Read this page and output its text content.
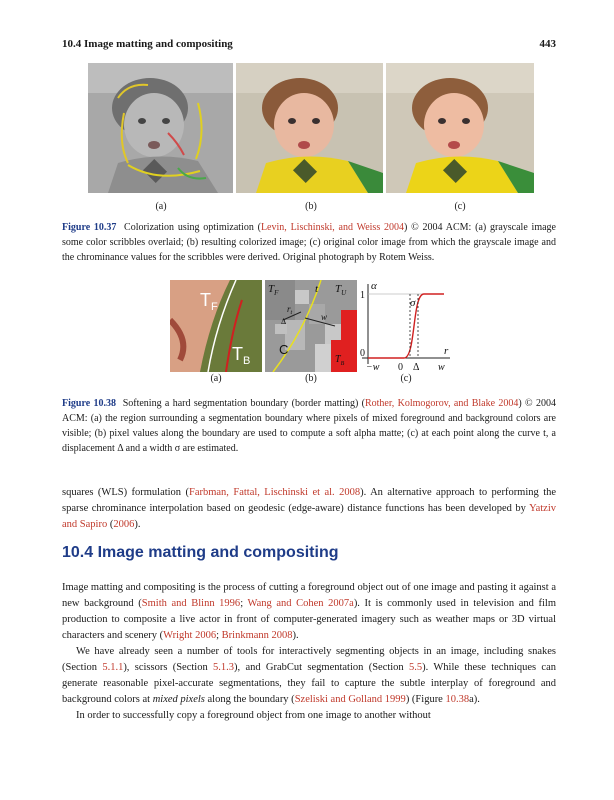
10.4 Image matting and compositing	443
(a)	(b)	(c)
Figure 10.37 Colorization using optimization (Levin, Lischinski, and Weiss 2004) © 2004 ACM: (a) grayscale image some color scribbles overlaid; (b) resulting colorized image; (c) original color image from which the grayscale image and the chrominance values for the scribbles were derived. Original photograph by Rotem Weiss.
$T_F$
$T_B$
$T_F$	t $T_U$
$r_t$	w
Δ
C
$T_B$
α
1
0
σ
r
−w 0 Δ w
(a)	(b)	(c)
Figure 10.38 Softening a hard segmentation boundary (border matting) (Rother, Kolmogorov, and Blake 2004) © 2004 ACM: (a) the region surrounding a segmentation boundary where pixels of mixed foreground and background colors are visible; (b) pixel values along the boundary are used to compute a soft alpha matte; (c) at each point along the curve t, a displacement Δ and a width σ are estimated.

squares (WLS) formulation (Farbman, Fattal, Lischinski et al. 2008). An alternative approach to performing the sparse chrominance interpolation based on geodesic (edge-aware) distance functions has been developed by Yatziv and Sapiro (2006).

10.4 Image matting and compositing

Image matting and compositing is the process of cutting a foreground object out of one image and pasting it against a new background (Smith and Blinn 1996; Wang and Cohen 2007a). It is commonly used in television and film production to composite a live actor in front of computer-generated imagery such as weather maps or 3D virtual characters and scenery (Wright 2006; Brinkmann 2008).

We have already seen a number of tools for interactively segmenting objects in an image, including snakes (Section 5.1.1), scissors (Section 5.1.3), and GrabCut segmentation (Section 5.5). While these techniques can generate reasonable pixel-accurate segmentations, they fail to capture the subtle interplay of foreground and background colors at mixed pixels along the boundary (Szeliski and Golland 1999) (Figure 10.38a).

In order to successfully copy a foreground object from one image to another without
